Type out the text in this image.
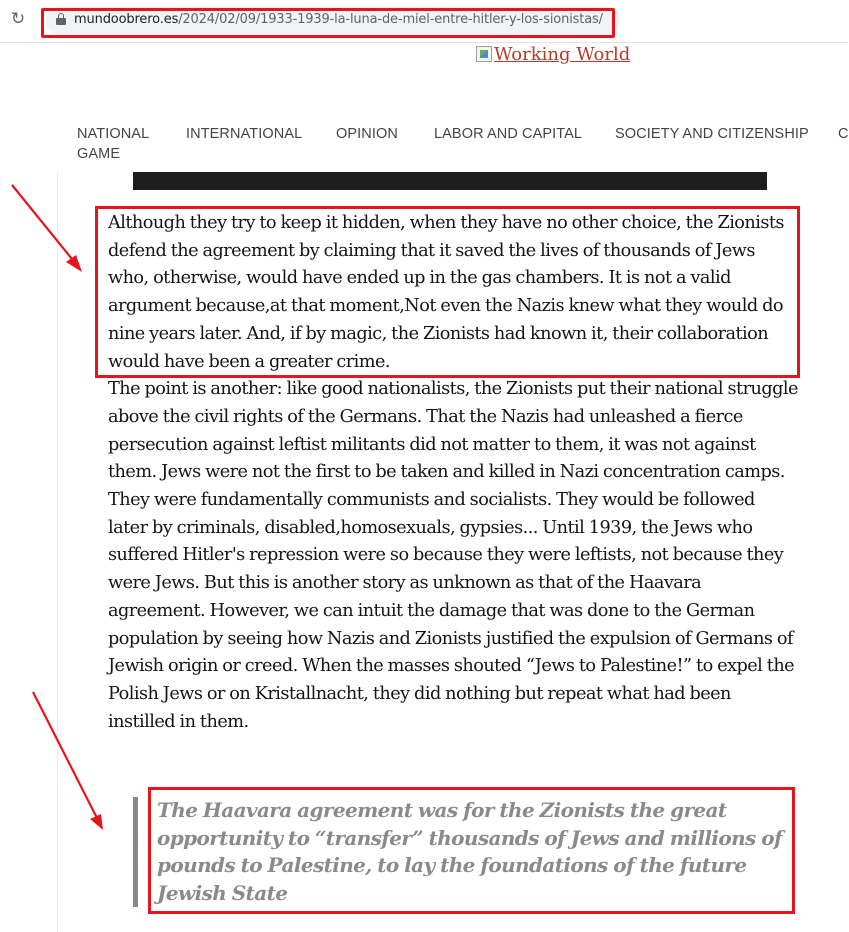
↻	mundoobrero.es/2024/02/09/1933-1939-la-luna-de-miel-entre-hitler-y-los-sionistas/
Working World
NATIONAL GAME
INTERNATIONAL OPINION LABOR AND CAPITAL SOCIETY AND CITIZENSHIP C

Although they try to keep it hidden, when they have no other choice, the Zionists defend the agreement by claiming that it saved the lives of thousands of Jews who, otherwise, would have ended up in the gas chambers. It is not a valid argument because,at that moment,Not even the Nazis knew what they would do nine years later. And, if by magic, the Zionists had known it, their collaboration would have been a greater crime.

The point is another: like good nationalists, the Zionists put their national struggle above the civil rights of the Germans. That the Nazis had unleashed a fierce persecution against leftist militants did not matter to them, it was not against them. Jews were not the first to be taken and killed in Nazi concentration camps. They were fundamentally communists and socialists. They would be followed later by criminals, disabled,homosexuals, gypsies... Until 1939, the Jews who suffered Hitler's repression were so because they were leftists, not because they were Jews. But this is another story as unknown as that of the Haavara agreement. However, we can intuit the damage that was done to the German population by seeing how Nazis and Zionists justified the expulsion of Germans of Jewish origin or creed. When the masses shouted “Jews to Palestine!” to expel the Polish Jews or on Kristallnacht, they did nothing but repeat what had been instilled in them.

The Haavara agreement was for the Zionists the great opportunity to “transfer” thousands of Jews and millions of pounds to Palestine, to lay the foundations of the future Jewish State
